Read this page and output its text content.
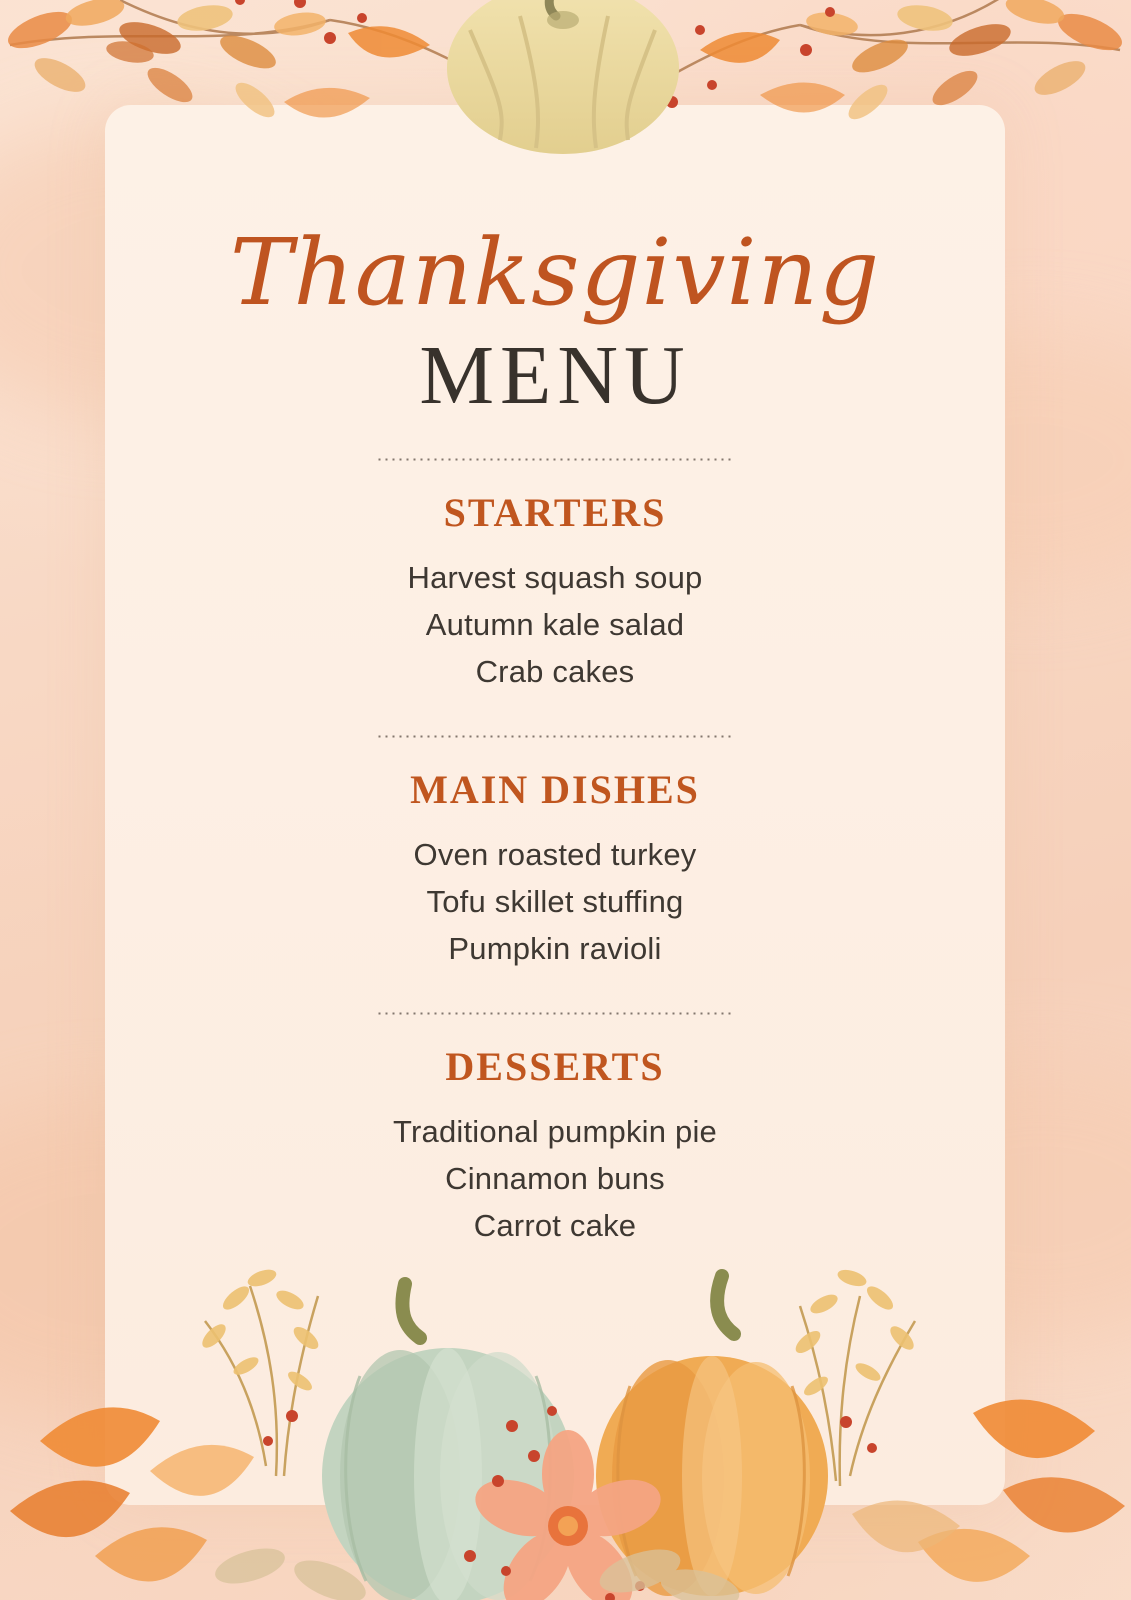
Thanksgiving
MENU
STARTERS
Harvest squash soup
Autumn kale salad
Crab cakes
MAIN DISHES
Oven roasted turkey
Tofu skillet stuffing
Pumpkin ravioli
DESSERTS
Traditional pumpkin pie
Cinnamon buns
Carrot cake
